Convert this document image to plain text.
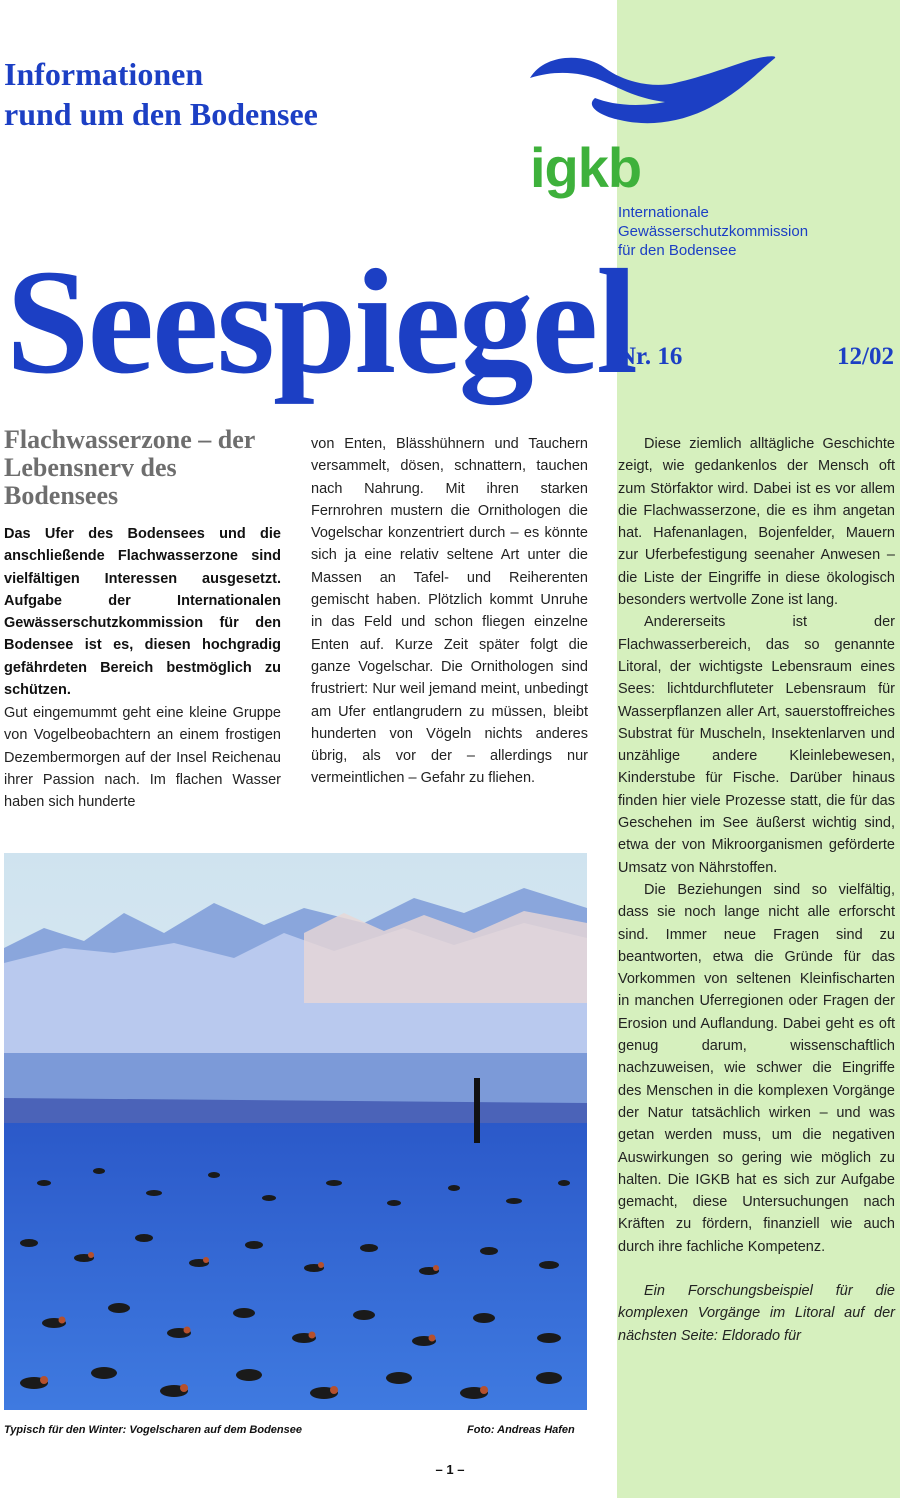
Informationen
rund um den Bodensee
igkb
Internationale
Gewässerschutzkommission
für den Bodensee
Seespiegel
Nr. 16	12/02
Flachwasserzone – der Lebensnerv des Bodensees
Das Ufer des Bodensees und die anschließende Flachwasserzone sind vielfältigen Interessen ausgesetzt. Aufgabe der Internationalen Gewässerschutzkommission für den Bodensee ist es, diesen hochgradig gefährdeten Bereich bestmöglich zu schützen.
Gut eingemummt geht eine kleine Gruppe von Vogelbeobachtern an einem frostigen Dezembermorgen auf der Insel Reichenau ihrer Passion nach. Im flachen Wasser haben sich hunderte
von Enten, Blässhühnern und Tauchern versammelt, dösen, schnattern, tauchen nach Nahrung. Mit ihren starken Fernrohren mustern die Ornithologen die Vogelschar konzentriert durch – es könnte sich ja eine relativ seltene Art unter die Massen an Tafel- und Reiherenten gemischt haben. Plötzlich kommt Unruhe in das Feld und schon fliegen einzelne Enten auf. Kurze Zeit später folgt die ganze Vogelschar. Die Ornithologen sind frustriert: Nur weil jemand meint, unbedingt am Ufer entlangrudern zu müssen, bleibt hunderten von Vögeln nichts anderes übrig, als vor der – allerdings nur vermeintlichen – Gefahr zu fliehen.

Diese ziemlich alltägliche Geschichte zeigt, wie gedankenlos der Mensch oft zum Störfaktor wird. Dabei ist es vor allem die Flachwasserzone, die es ihm angetan hat. Hafenanlagen, Bojenfelder, Mauern zur Uferbefestigung seenaher Anwesen – die Liste der Eingriffe in diese ökologisch besonders wertvolle Zone ist lang.

Andererseits ist der Flachwasserbereich, das so genannte Litoral, der wichtigste Lebensraum eines Sees: lichtdurchfluteter Lebensraum für Wasserpflanzen aller Art, sauerstoffreiches Substrat für Muscheln, Insektenlarven und unzählige andere Kleinlebewesen, Kinderstube für Fische. Darüber hinaus finden hier viele Prozesse statt, die für das Geschehen im See äußerst wichtig sind, etwa der von Mikroorganismen geförderte Umsatz von Nährstoffen.

Die Beziehungen sind so vielfältig, dass sie noch lange nicht alle erforscht sind. Immer neue Fragen sind zu beantworten, etwa die Gründe für das Vorkommen von seltenen Kleinfischarten in manchen Uferregionen oder Fragen der Erosion und Auflandung. Dabei geht es oft genug darum, wissenschaftlich nachzuweisen, wie schwer die Eingriffe des Menschen in die komplexen Vorgänge der Natur tatsächlich wirken – und was getan werden muss, um die negativen Auswirkungen so gering wie möglich zu halten. Die IGKB hat es sich zur Aufgabe gemacht, diese Untersuchungen nach Kräften zu fördern, finanziell wie auch durch ihre fachliche Kompetenz.

Ein Forschungsbeispiel für die komplexen Vorgänge im Litoral auf der nächsten Seite: Eldorado für

Typisch für den Winter: Vogelscharen auf dem Bodensee	Foto: Andreas Hafen
– 1 –
